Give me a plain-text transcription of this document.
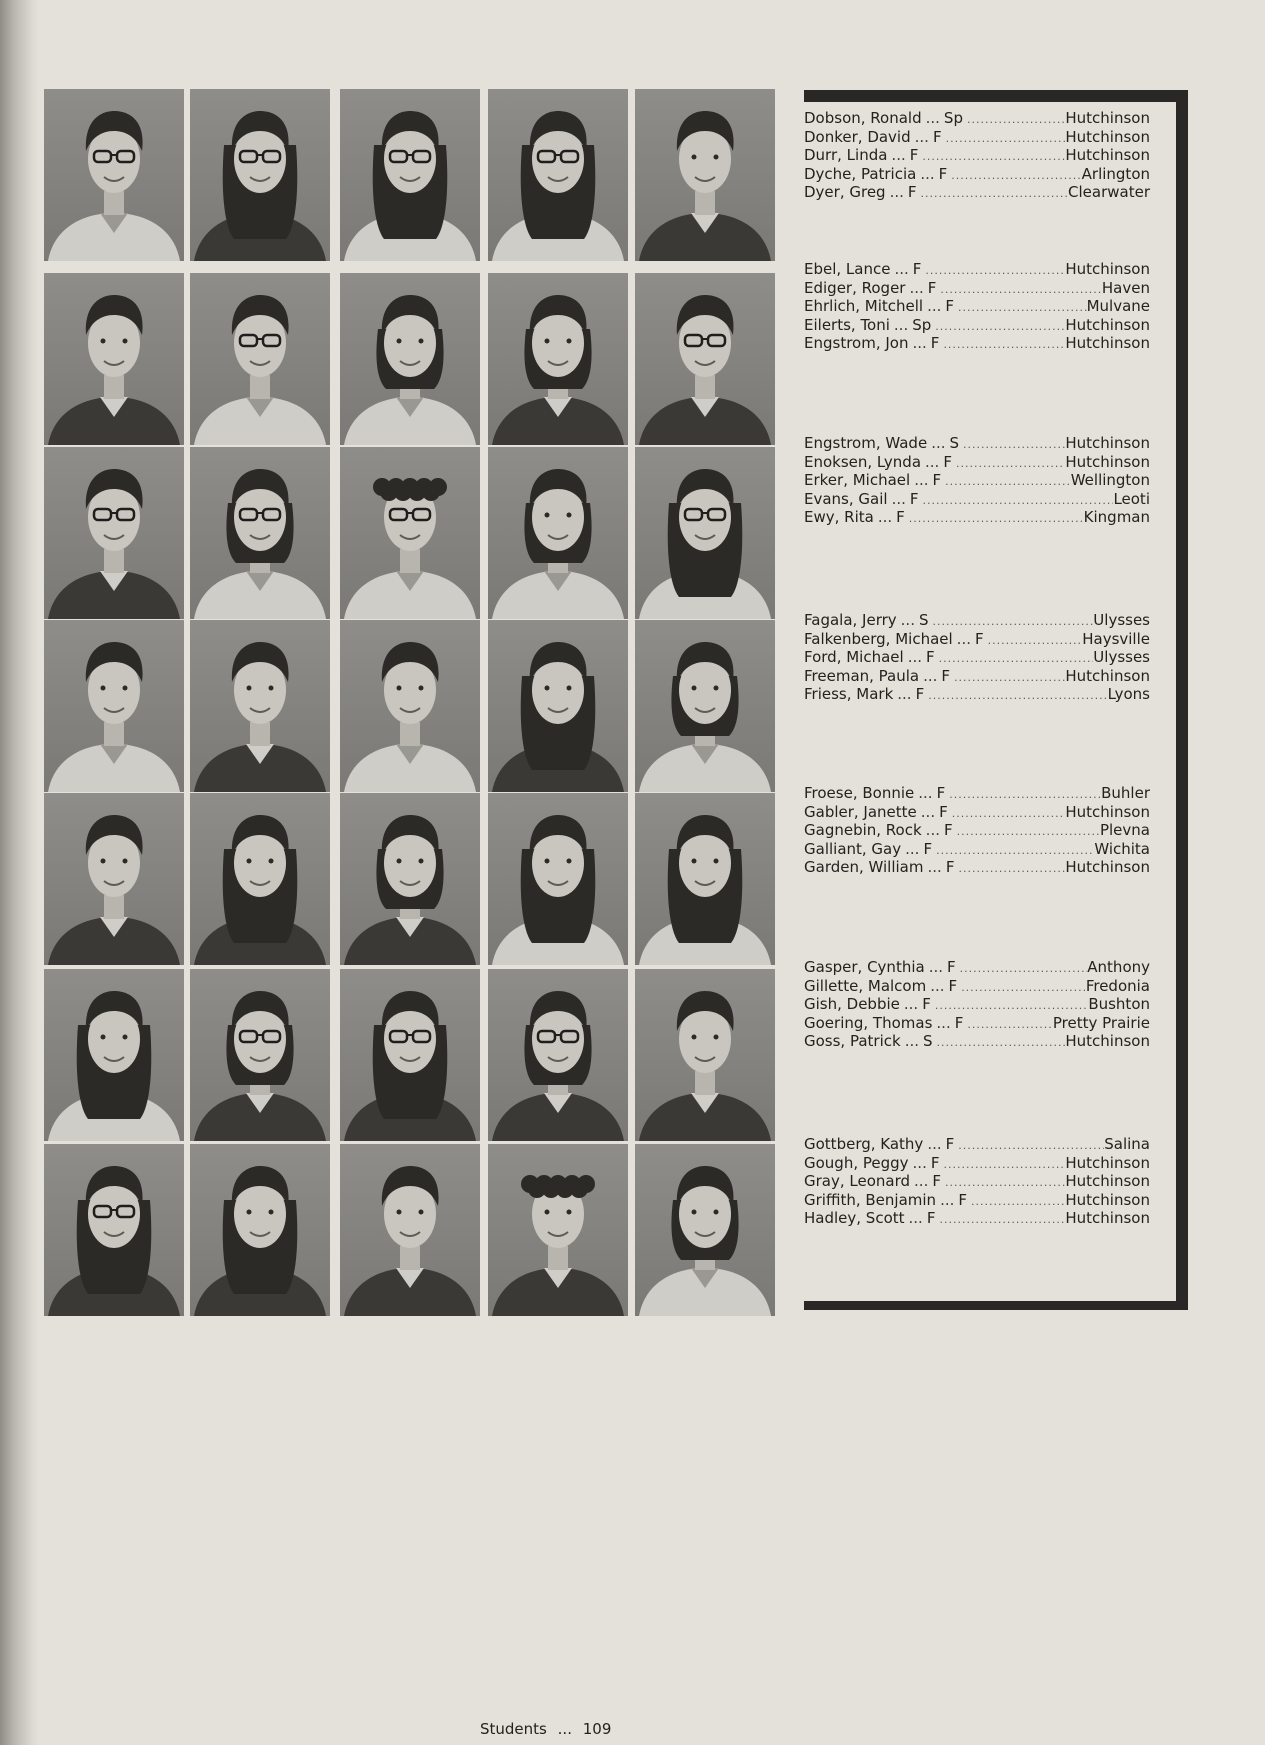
Dobson, Ronald ... Sp .....	Hutchinson
Donker, David ... F .....	Hutchinson
Durr, Linda ... F .....	Hutchinson
Dyche, Patricia ... F .....	Arlington
Dyer, Greg ... F .....	Clearwater
Ebel, Lance ... F .....	Hutchinson
Ediger, Roger ... F .....	Haven
Ehrlich, Mitchell ... F .....	Mulvane
Eilerts, Toni ... Sp .....	Hutchinson
Engstrom, Jon ... F .....	Hutchinson
Engstrom, Wade ... S .....	Hutchinson
Enoksen, Lynda ... F .....	Hutchinson
Erker, Michael ... F .....	Wellington
Evans, Gail ... F .....	Leoti
Ewy, Rita ... F .....	Kingman
Fagala, Jerry ... S .....	Ulysses
Falkenberg, Michael ... F .....	Haysville
Ford, Michael ... F .....	Ulysses
Freeman, Paula ... F .....	Hutchinson
Friess, Mark ... F .....	Lyons
Froese, Bonnie ... F .....	Buhler
Gabler, Janette ... F .....	Hutchinson
Gagnebin, Rock ... F .....	Plevna
Galliant, Gay ... F .....	Wichita
Garden, William ... F .....	Hutchinson
Gasper, Cynthia ... F .....	Anthony
Gillette, Malcom ... F .....	Fredonia
Gish, Debbie ... F .....	Bushton
Goering, Thomas ... F .....	Pretty Prairie
Goss, Patrick ... S .....	Hutchinson
Gottberg, Kathy ... F .....	Salina
Gough, Peggy ... F .....	Hutchinson
Gray, Leonard ... F .....	Hutchinson
Griffith, Benjamin ... F .....	Hutchinson
Hadley, Scott ... F .....	Hutchinson
Students ... 109
